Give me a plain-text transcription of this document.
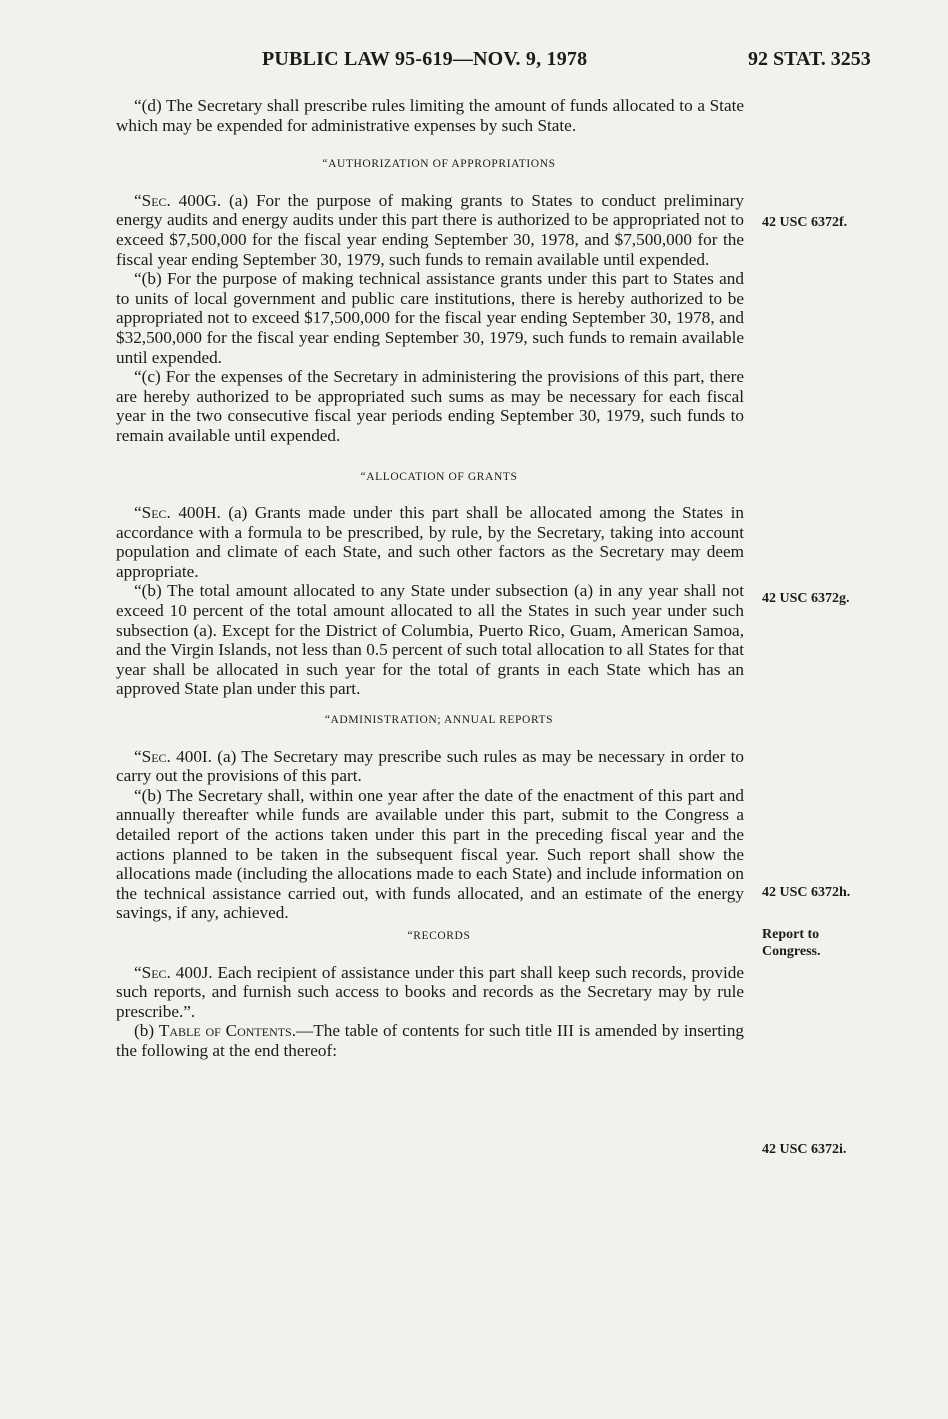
PUBLIC LAW 95-619—NOV. 9, 1978	92 STAT. 3253

“(d) The Secretary shall prescribe rules limiting the amount of funds allocated to a State which may be expended for administrative expenses by such State.

“AUTHORIZATION OF APPROPRIATIONS

“Sec. 400G. (a) For the purpose of making grants to States to conduct preliminary energy audits and energy audits under this part there is authorized to be appropriated not to exceed $7,500,000 for the fiscal year ending September 30, 1978, and $7,500,000 for the fiscal year ending September 30, 1979, such funds to remain available until expended.

“(b) For the purpose of making technical assistance grants under this part to States and to units of local government and public care institutions, there is hereby authorized to be appropriated not to exceed $17,500,000 for the fiscal year ending September 30, 1978, and $32,500,000 for the fiscal year ending September 30, 1979, such funds to remain available until expended.

“(c) For the expenses of the Secretary in administering the provisions of this part, there are hereby authorized to be appropriated such sums as may be necessary for each fiscal year in the two consecutive fiscal year periods ending September 30, 1979, such funds to remain available until expended.

“ALLOCATION OF GRANTS

“Sec. 400H. (a) Grants made under this part shall be allocated among the States in accordance with a formula to be prescribed, by rule, by the Secretary, taking into account population and climate of each State, and such other factors as the Secretary may deem appropriate.

“(b) The total amount allocated to any State under subsection (a) in any year shall not exceed 10 percent of the total amount allocated to all the States in such year under such subsection (a). Except for the District of Columbia, Puerto Rico, Guam, American Samoa, and the Virgin Islands, not less than 0.5 percent of such total allocation to all States for that year shall be allocated in such year for the total of grants in each State which has an approved State plan under this part.

“ADMINISTRATION; ANNUAL REPORTS

“Sec. 400I. (a) The Secretary may prescribe such rules as may be necessary in order to carry out the provisions of this part.

“(b) The Secretary shall, within one year after the date of the enactment of this part and annually thereafter while funds are available under this part, submit to the Congress a detailed report of the actions taken under this part in the preceding fiscal year and the actions planned to be taken in the subsequent fiscal year. Such report shall show the allocations made (including the allocations made to each State) and include information on the technical assistance carried out, with funds allocated, and an estimate of the energy savings, if any, achieved.

“RECORDS

“Sec. 400J. Each recipient of assistance under this part shall keep such records, provide such reports, and furnish such access to books and records as the Secretary may by rule prescribe.”.

(b) Table of Contents.—The table of contents for such title III is amended by inserting the following at the end thereof:

42 USC 6372f.
42 USC 6372g.
42 USC 6372h.
Report to
Congress.
42 USC 6372i.
